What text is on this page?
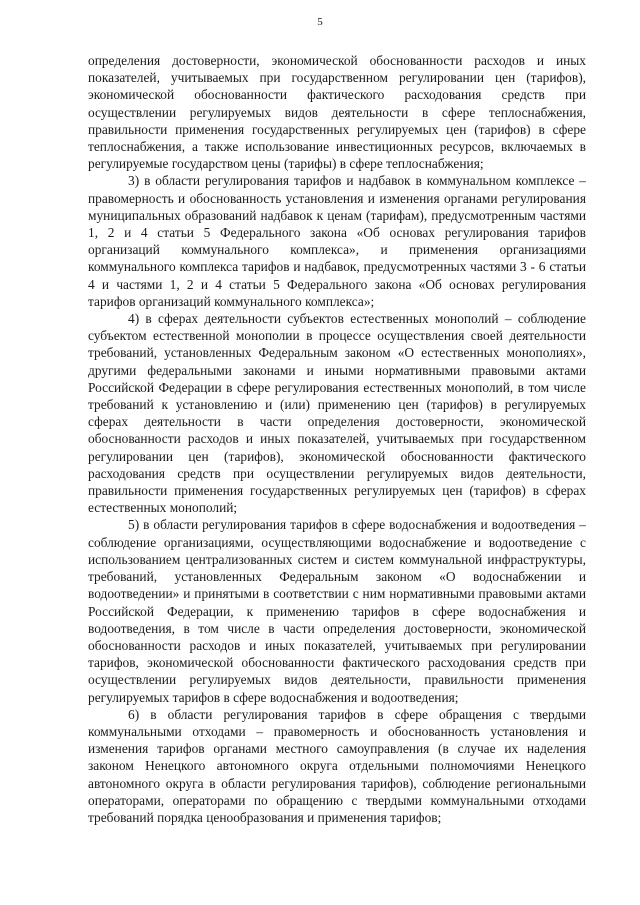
5

определения достоверности, экономической обоснованности расходов и иных показателей, учитываемых при государственном регулировании цен (тарифов), экономической обоснованности фактического расходования средств при осуществлении регулируемых видов деятельности в сфере теплоснабжения, правильности применения государственных регулируемых цен (тарифов) в сфере теплоснабжения, а также использование инвестиционных ресурсов, включаемых в регулируемые государством цены (тарифы) в сфере теплоснабжения;

3) в области регулирования тарифов и надбавок в коммунальном комплексе – правомерность и обоснованность установления и изменения органами регулирования муниципальных образований надбавок к ценам (тарифам), предусмотренным частями 1, 2 и 4 статьи 5 Федерального закона «Об основах регулирования тарифов организаций коммунального комплекса», и применения организациями коммунального комплекса тарифов и надбавок, предусмотренных частями 3 - 6 статьи 4 и частями 1, 2 и 4 статьи 5 Федерального закона «Об основах регулирования тарифов организаций коммунального комплекса»;

4) в сферах деятельности субъектов естественных монополий – соблюдение субъектом естественной монополии в процессе осуществления своей деятельности требований, установленных Федеральным законом «О естественных монополиях», другими федеральными законами и иными нормативными правовыми актами Российской Федерации в сфере регулирования естественных монополий, в том числе требований к установлению и (или) применению цен (тарифов) в регулируемых сферах деятельности в части определения достоверности, экономической обоснованности расходов и иных показателей, учитываемых при государственном регулировании цен (тарифов), экономической обоснованности фактического расходования средств при осуществлении регулируемых видов деятельности, правильности применения государственных регулируемых цен (тарифов) в сферах естественных монополий;

5) в области регулирования тарифов в сфере водоснабжения и водоотведения – соблюдение организациями, осуществляющими водоснабжение и водоотведение с использованием централизованных систем и систем коммунальной инфраструктуры, требований, установленных Федеральным законом «О водоснабжении и водоотведении» и принятыми в соответствии с ним нормативными правовыми актами Российской Федерации, к применению тарифов в сфере водоснабжения и водоотведения, в том числе в части определения достоверности, экономической обоснованности расходов и иных показателей, учитываемых при регулировании тарифов, экономической обоснованности фактического расходования средств при осуществлении регулируемых видов деятельности, правильности применения регулируемых тарифов в сфере водоснабжения и водоотведения;

6) в области регулирования тарифов в сфере обращения с твердыми коммунальными отходами – правомерность и обоснованность установления и изменения тарифов органами местного самоуправления (в случае их наделения законом Ненецкого автономного округа отдельными полномочиями Ненецкого автономного округа в области регулирования тарифов), соблюдение региональными операторами, операторами по обращению с твердыми коммунальными отходами требований порядка ценообразования и применения тарифов;
